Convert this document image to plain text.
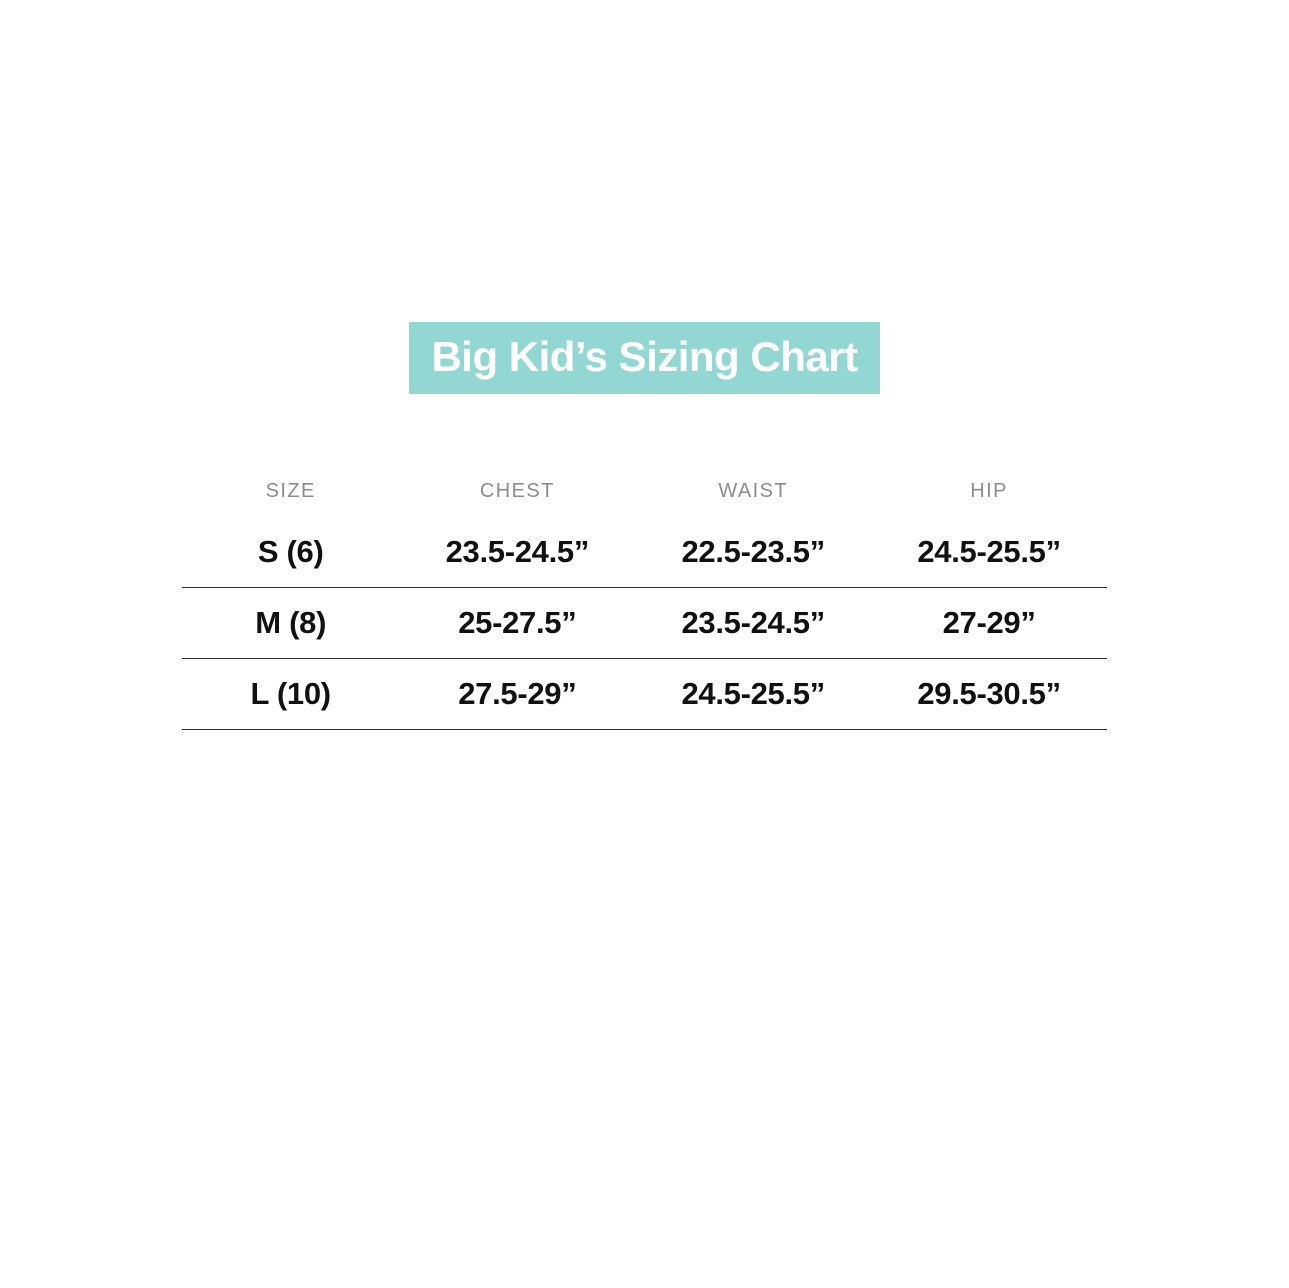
Big Kid’s Sizing Chart
SIZE	CHEST	WAIST	HIP
S (6)	23.5-24.5”	22.5-23.5”	24.5-25.5”
M (8)	25-27.5”	23.5-24.5”	27-29”
L (10)	27.5-29”	24.5-25.5”	29.5-30.5”
